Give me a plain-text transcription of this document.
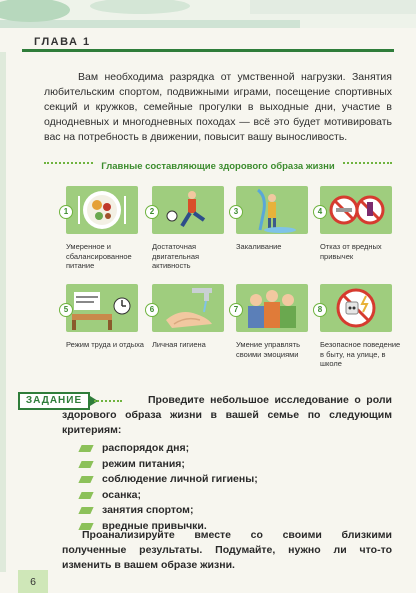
ГЛАВА 1

Вам необходима разрядка от умственной нагрузки. Занятия любительским спортом, подвижными играми, посещение спортивных секций и кружков, семейные прогулки в выходные дни, участие в однодневных и многодневных походах — всё это будет мотивировать вас на потребность в движении, повысит вашу выносливость.

Главные составляющие здорового образа жизни
1	2	3	4
Умеренное и сбалансированное питание
Достаточная двигательная активность
Закаливание	Отказ от вредных привычек
5	6	7	8
Режим труда и отдыха	Личная гигиена	Умение управлять своими эмоциями
Безопасное поведение в быту, на улице, в школе
ЗАДАНИЕ	Проведите небольшое исследование о роли здорового образа жизни в вашей семье по следующим критериям:

распорядок дня;
режим питания;
соблюдение личной гигиены;
осанка;
занятия спортом;
вредные привычки.

Проанализируйте вместе со своими близкими полученные результаты. Подумайте, нужно ли что-то изменить в вашем образе жизни.

6
